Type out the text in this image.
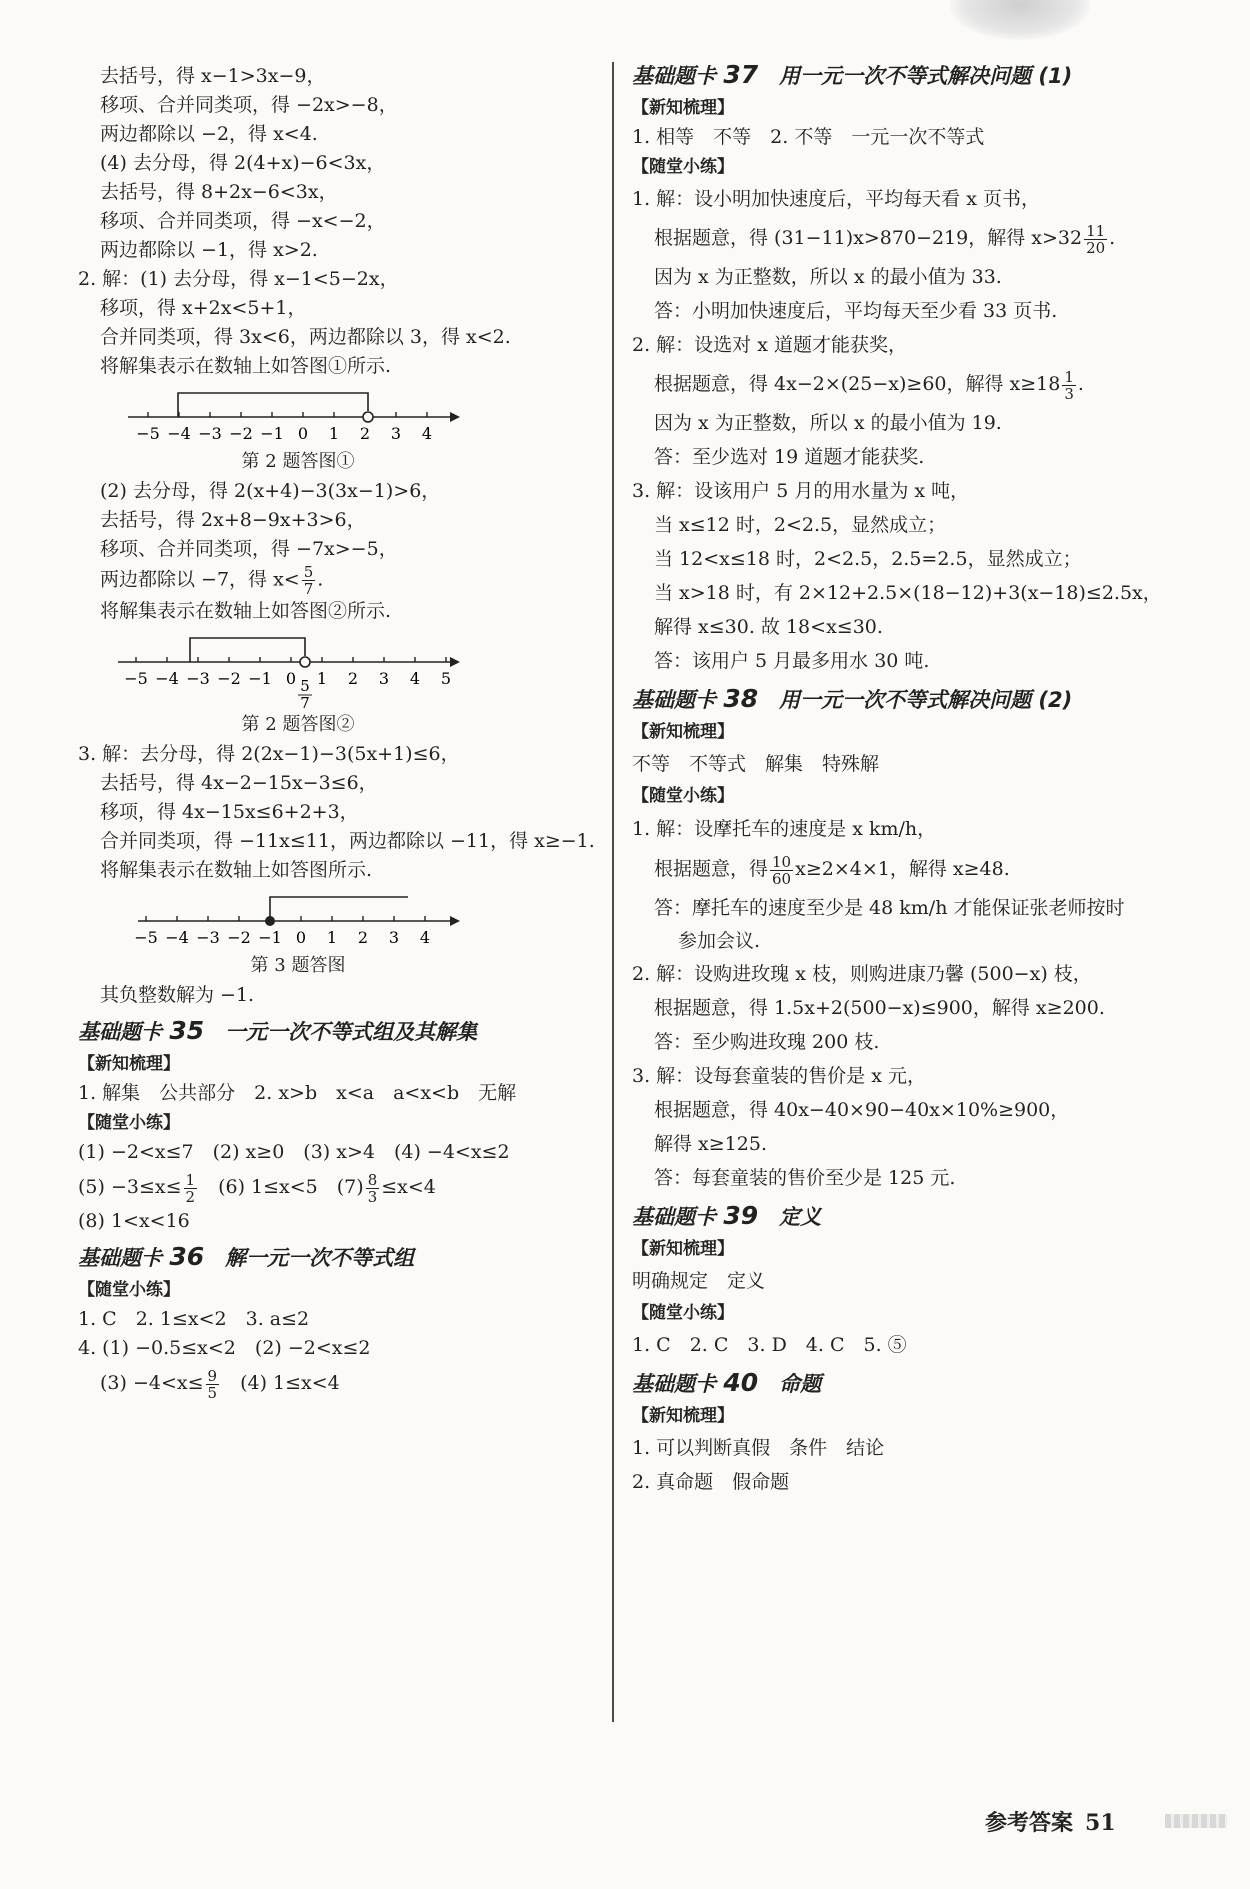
去括号，得 x−1>3x−9，
移项、合并同类项，得 −2x>−8，
两边都除以 −2，得 x<4.
(4) 去分母，得 2(4+x)−6<3x，
去括号，得 8+2x−6<3x，
移项、合并同类项，得 −x<−2，
两边都除以 −1，得 x>2.
2. 解：(1) 去分母，得 x−1<5−2x，
移项，得 x+2x<5+1，
合并同类项，得 3x<6，两边都除以 3，得 x<2.
将解集表示在数轴上如答图①所示.
−5 −4 −3 −2 −1 0 1 2 3 4
第 2 题答图①
(2) 去分母，得 2(x+4)−3(3x−1)>6，
去括号，得 2x+8−9x+3>6，
移项、合并同类项，得 −7x>−5，
两边都除以 −7，得 $x< \frac{5}{7}$ .
将解集表示在数轴上如答图②所示.
−5 −4 −3 −2 −1 0 1 2 3 4 5
5
7
第 2 题答图②
3. 解：去分母，得 2(2x−1)−3(5x+1)≤6，
去括号，得 4x−2−15x−3≤6，
移项，得 4x−15x≤6+2+3，
合并同类项，得 −11x≤11，两边都除以 −11，得 x≥−1.
将解集表示在数轴上如答图所示.
−5 −4 −3 −2 −1 0 1 2 3 4
第 3 题答图
其负整数解为 −1.
基础题卡 35　 一元一次不等式组及其解集
【新知梳理】
1. 解集　公共部分　2. x>b　x<a　a<x<b　无解
【随堂小练】
(1) −2<x≤7　(2) x≥0　(3) x>4　(4) −4<x≤2
$(5) -3\le x\le \frac{1}{2}$ 　(6) 1≤x<5　$(7) \frac{8}{3} \le x<4$
(8) 1<x<16
基础题卡 36　 解一元一次不等式组
【随堂小练】
1. C　2. 1≤x<2　3. a≤2
4. (1) −0.5≤x<2　(2) −2<x≤2
$(3) -4<x\le \frac{9}{5}$ 　(4) 1≤x<4
基础题卡 37　 用一元一次不等式解决问题 (1)
【新知梳理】
1. 相等　不等　2. 不等　一元一次不等式
【随堂小练】
1. 解：设小明加快速度后，平均每天看 x 页书，
根据题意，得 (31−11)x>870−219，解得 $x>32 \frac{11}{20}$ .
因为 x 为正整数，所以 x 的最小值为 33.
答：小明加快速度后，平均每天至少看 33 页书.
2. 解：设选对 x 道题才能获奖，
根据题意，得 4x−2×(25−x)≥60，解得 $x\ge 18 \frac{1}{3}$ .
因为 x 为正整数，所以 x 的最小值为 19.
答：至少选对 19 道题才能获奖.
3. 解：设该用户 5 月的用水量为 x 吨，
当 x≤12 时，2<2.5，显然成立；
当 12<x≤18 时，2<2.5，2.5=2.5，显然成立；
当 x>18 时，有 2×12+2.5×(18−12)+3(x−18)≤2.5x，
解得 x≤30. 故 18<x≤30.
答：该用户 5 月最多用水 30 吨.
基础题卡 38　 用一元一次不等式解决问题 (2)
【新知梳理】
不等　不等式　解集　特殊解
【随堂小练】
1. 解：设摩托车的速度是 x km/h，
根据题意，得 $\frac{10}{60} x\ge 2\times 4\times 1$，解得 x≥48.
答：摩托车的速度至少是 48 km/h 才能保证张老师按时
参加会议.
2. 解：设购进玫瑰 x 枝，则购进康乃馨 (500−x) 枝，
根据题意，得 1.5x+2(500−x)≤900，解得 x≥200.
答：至少购进玫瑰 200 枝.
3. 解：设每套童装的售价是 x 元，
根据题意，得 40x−40×90−40x×10%≥900，
解得 x≥125.
答：每套童装的售价至少是 125 元.
基础题卡 39　 定义
【新知梳理】
明确规定　定义
【随堂小练】
1. C　2. C　3. D　4. C　5. ⑤
基础题卡 40　 命题
【新知梳理】
1. 可以判断真假　条件　结论
2. 真命题　假命题
参考答案 51
